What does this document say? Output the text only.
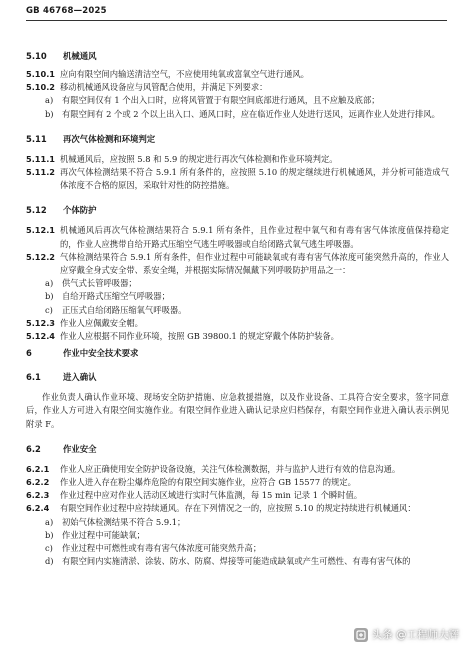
GB 46768—2025
5.10	机械通风
5.10.1 应向有限空间内输送清洁空气，不应使用纯氧或富氧空气进行通风。
5.10.2 移动机械通风设备应与风管配合使用，并满足下列要求：
a)	有限空间仅有 1 个出入口时，应将风管置于有限空间底部进行通风，且不应触及底部；
b)	有限空间有 2 个或 2 个以上出入口、通风口时，应在临近作业人处进行送风，远离作业人处进行排风。
5.11	再次气体检测和环境判定
5.11.1 机械通风后，应按照 5.8 和 5.9 的规定进行再次气体检测和作业环境判定。
5.11.2 再次气体检测结果不符合 5.9.1 所有条件的，应按照 5.10 的规定继续进行机械通风，并分析可能造成气体浓度不合格的原因，采取针对性的防控措施。
5.12	个体防护
5.12.1 机械通风后再次气体检测结果符合 5.9.1 所有条件，且作业过程中氧气和有毒有害气体浓度值保持稳定的，作业人应携带自给开路式压缩空气逃生呼吸器或自给闭路式氧气逃生呼吸器。
5.12.2 气体检测结果符合 5.9.1 所有条件，但作业过程中可能缺氧或有毒有害气体浓度可能突然升高的，作业人应穿戴全身式安全带、系安全绳，并根据实际情况佩戴下列呼吸防护用品之一：
a)	供气式长管呼吸器；
b)	自给开路式压缩空气呼吸器；
c)	正压式自给闭路压缩氧气呼吸器。
5.12.3 作业人应佩戴安全帽。
5.12.4 作业人应根据不同作业环境，按照 GB 39800.1 的规定穿戴个体防护装备。
6	作业中安全技术要求
6.1	进入确认
作业负责人确认作业环境、现场安全防护措施、应急救援措施，以及作业设备、工具符合安全要求，签字同意后，作业人方可进入有限空间实施作业。有限空间作业进入确认记录应归档保存，有限空间作业进入确认表示例见附录 F。
6.2	作业安全
6.2.1	作业人应正确使用安全防护设备设施，关注气体检测数据，并与监护人进行有效的信息沟通。
6.2.2	作业人进入存在粉尘爆炸危险的有限空间实施作业，应符合 GB 15577 的规定。
6.2.3	作业过程中应对作业人活动区域进行实时气体监测，每 15 min 记录 1 个瞬时值。
6.2.4	有限空间作业过程中应持续通风。存在下列情况之一的，应按照 5.10 的规定持续进行机械通风：
a)	初始气体检测结果不符合 5.9.1；
b)	作业过程中可能缺氧；
c)	作业过程中可燃性或有毒有害气体浓度可能突然升高；
d)	有限空间内实施清淤、涂装、防水、防腐、焊接等可能造成缺氧或产生可燃性、有毒有害气体的
头条 @工程师大辉
